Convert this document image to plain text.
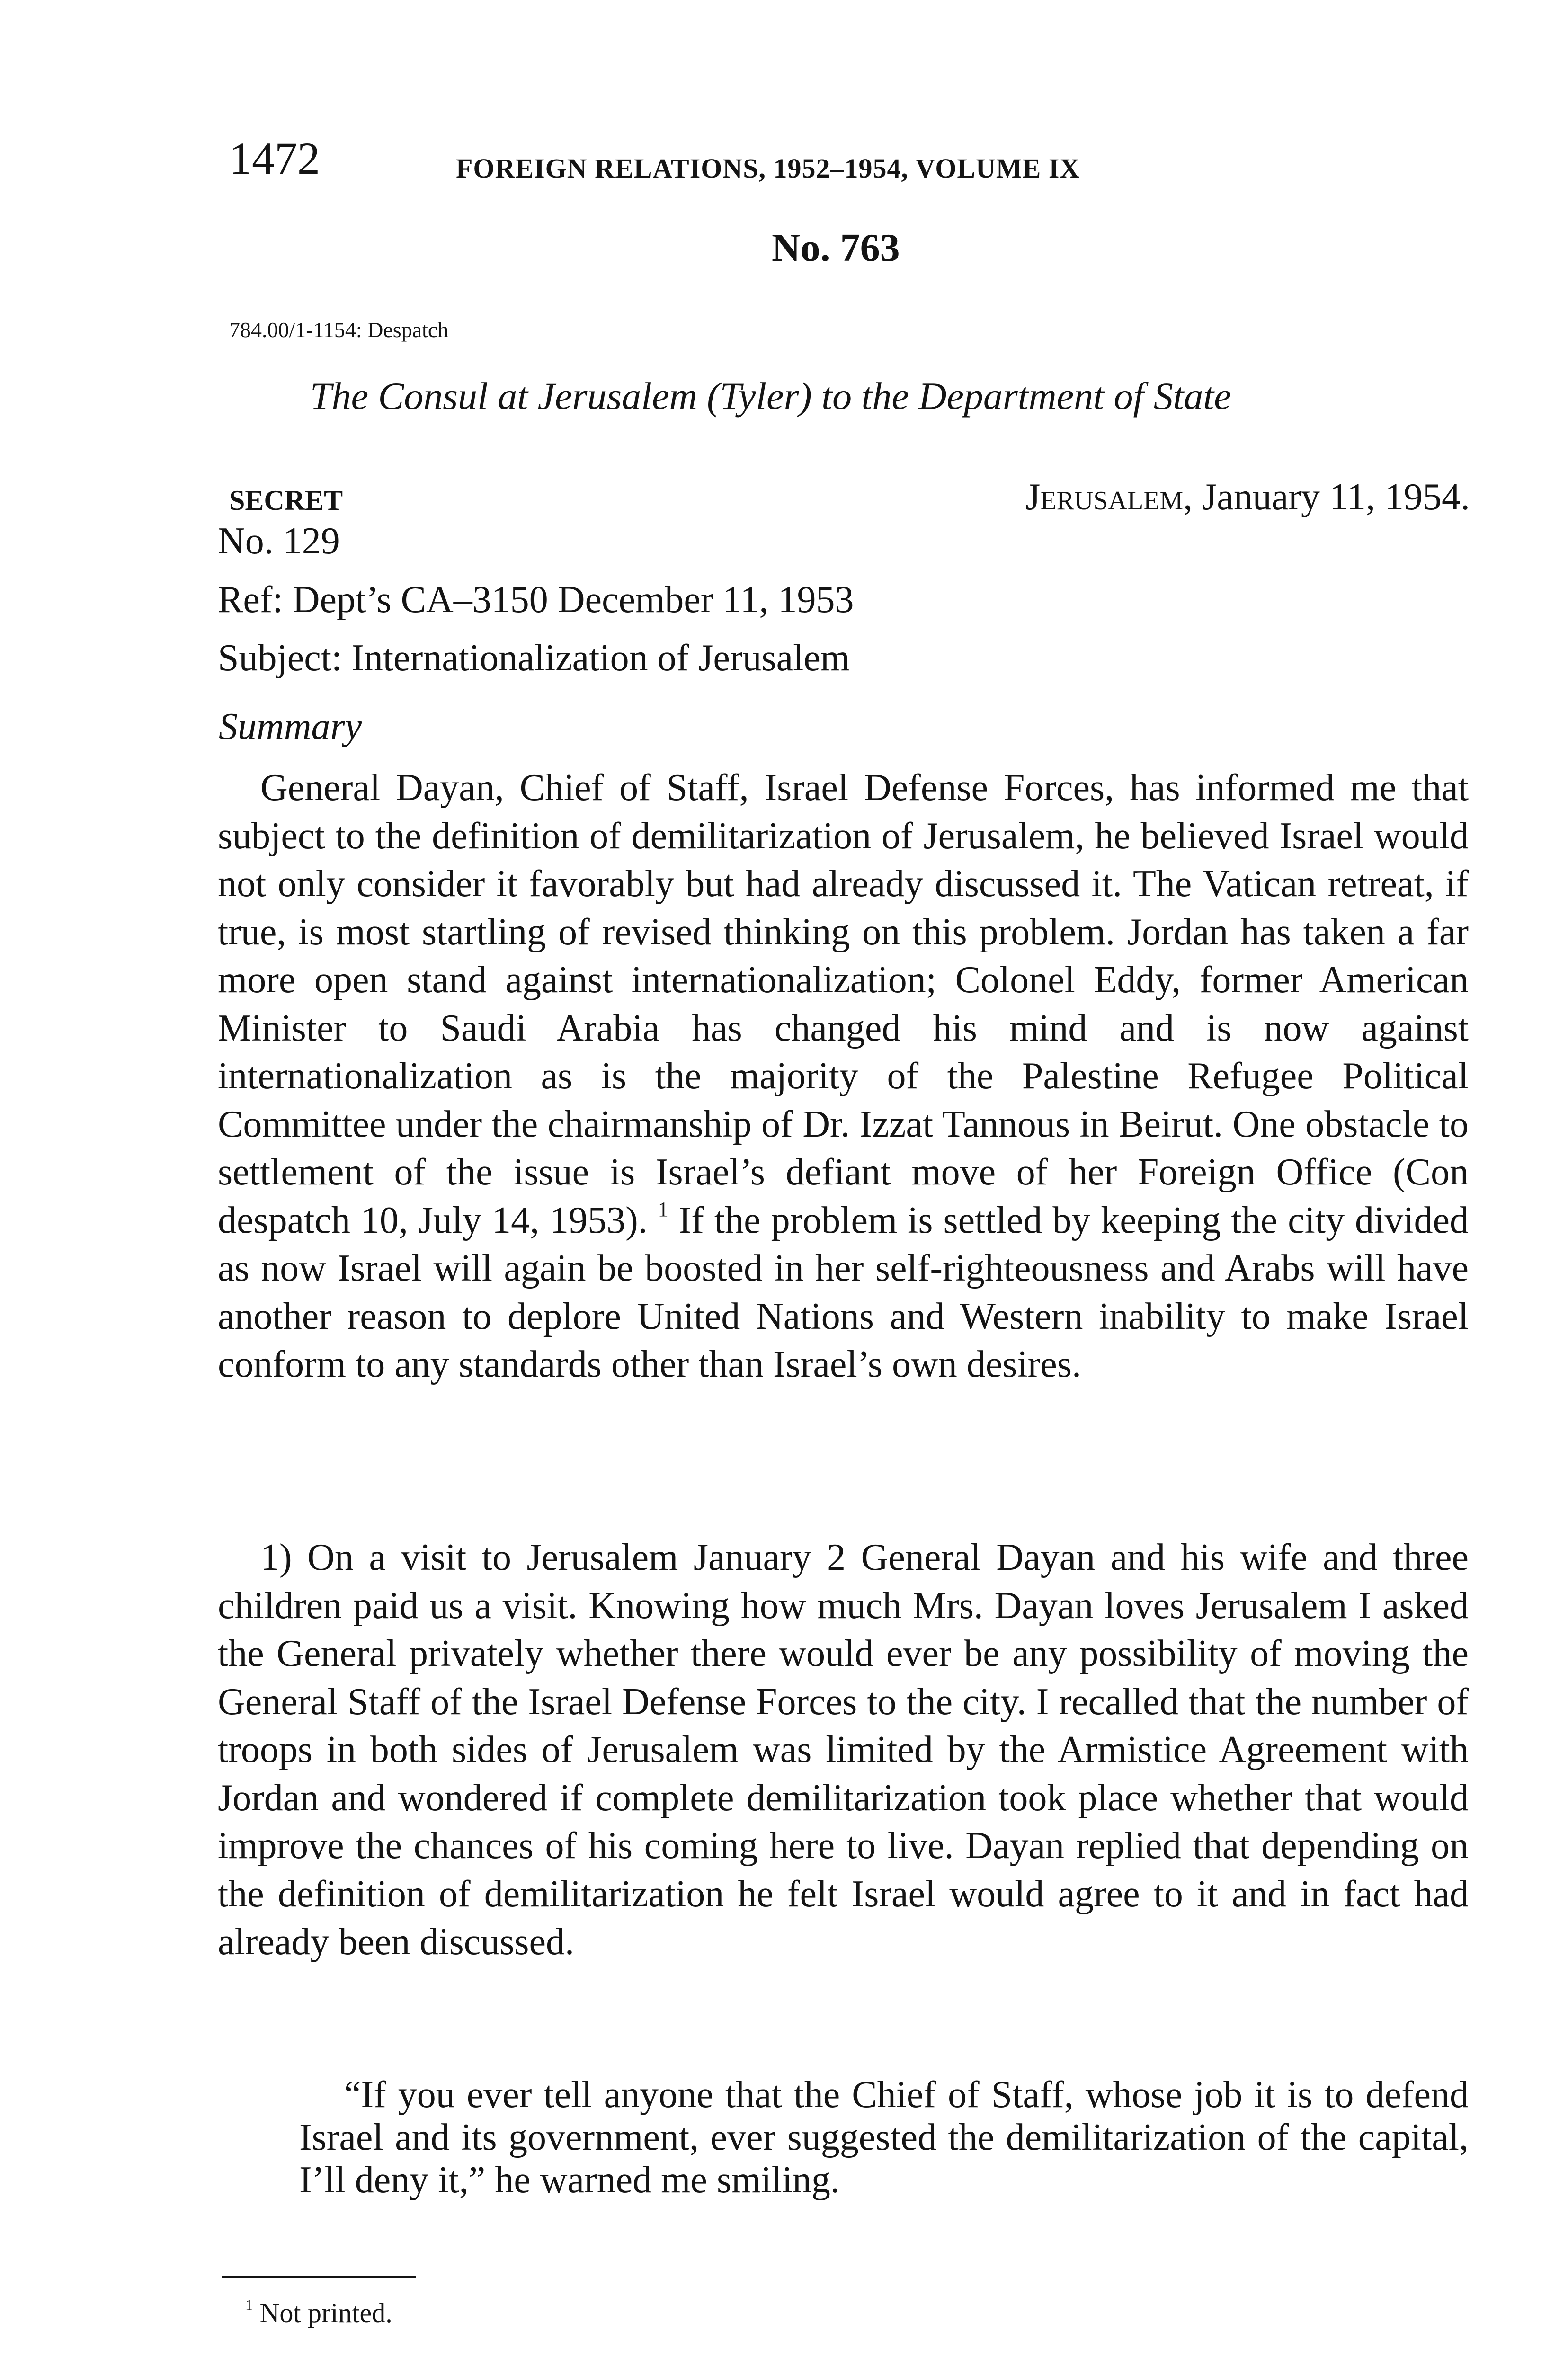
1472	FOREIGN RELATIONS, 1952–1954, VOLUME IX
No. 763
784.00/1-1154: Despatch
The Consul at Jerusalem (Tyler) to the Department of State
SECRET	Jerusalem, January 11, 1954.
No. 129
Ref: Dept’s CA–3150 December 11, 1953
Subject: Internationalization of Jerusalem
Summary

General Dayan, Chief of Staff, Israel Defense Forces, has informed me that subject to the definition of demilitarization of Jerusalem, he believed Israel would not only consider it favorably but had already discussed it. The Vatican retreat, if true, is most startling of revised thinking on this problem. Jordan has taken a far more open stand against internationalization; Colonel Eddy, former American Minister to Saudi Arabia has changed his mind and is now against internationalization as is the majority of the Palestine Refugee Political Committee under the chairmanship of Dr. Izzat Tannous in Beirut. One obstacle to settlement of the issue is Israel’s defiant move of her Foreign Office (Con despatch 10, July 14, 1953). $^1$ If the problem is settled by keeping the city divided as now Israel will again be boosted in her self-righteousness and Arabs will have another reason to deplore United Nations and Western inability to make Israel conform to any standards other than Israel’s own desires.

1) On a visit to Jerusalem January 2 General Dayan and his wife and three children paid us a visit. Knowing how much Mrs. Dayan loves Jerusalem I asked the General privately whether there would ever be any possibility of moving the General Staff of the Israel Defense Forces to the city. I recalled that the number of troops in both sides of Jerusalem was limited by the Armistice Agreement with Jordan and wondered if complete demilitarization took place whether that would improve the chances of his coming here to live. Dayan replied that depending on the definition of demilitarization he felt Israel would agree to it and in fact had already been discussed.

“If you ever tell anyone that the Chief of Staff, whose job it is to defend Israel and its government, ever suggested the demilitarization of the capital, I’ll deny it,” he warned me smiling.

$^1$ Not printed.
